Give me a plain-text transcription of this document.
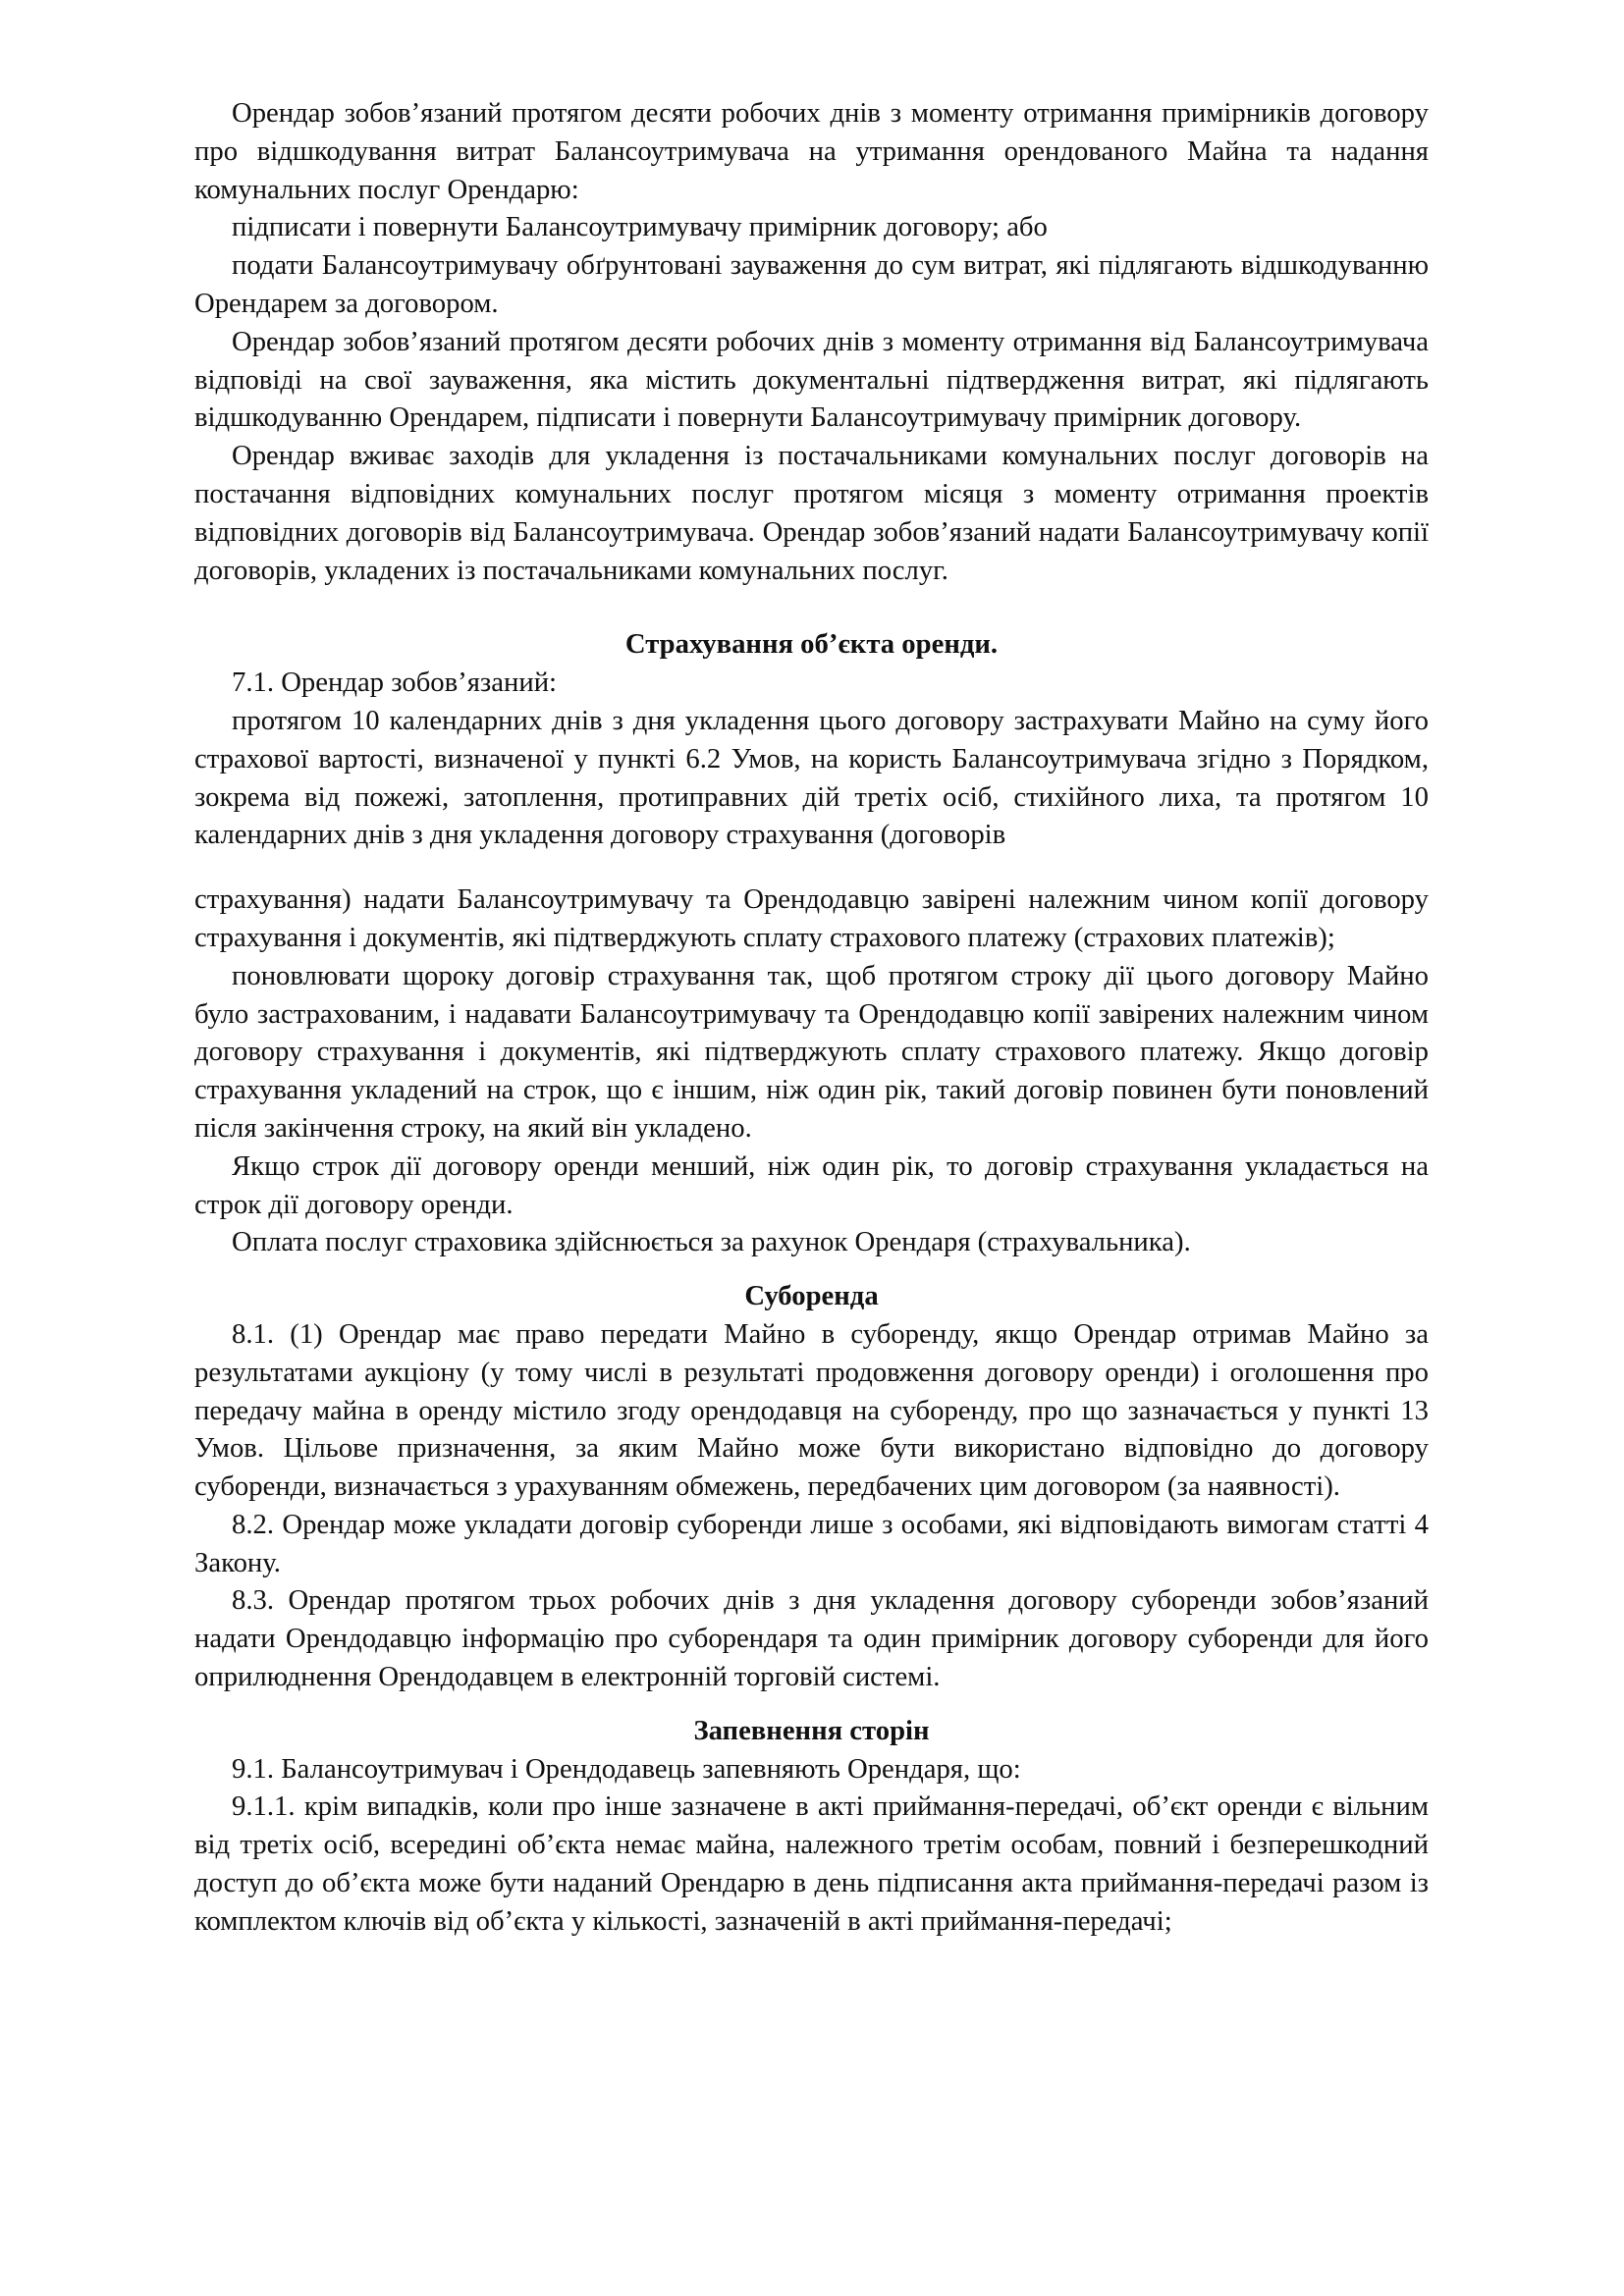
Орендар зобов’язаний протягом десяти робочих днів з моменту отримання примірників договору про відшкодування витрат Балансоутримувача на утримання орендованого Майна та надання комунальних послуг Орендарю:

підписати і повернути Балансоутримувачу примірник договору; або

подати Балансоутримувачу обґрунтовані зауваження до сум витрат, які підлягають відшкодуванню Орендарем за договором.

Орендар зобов’язаний протягом десяти робочих днів з моменту отримання від Балансоутримувача відповіді на свої зауваження, яка містить документальні підтвердження витрат, які підлягають відшкодуванню Орендарем, підписати і повернути Балансоутримувачу примірник договору.

Орендар вживає заходів для укладення із постачальниками комунальних послуг договорів на постачання відповідних комунальних послуг протягом місяця з моменту отримання проектів відповідних договорів від Балансоутримувача. Орендар зобов’язаний надати Балансоутримувачу копії договорів, укладених із постачальниками комунальних послуг.

Страхування об’єкта оренди.

7.1. Орендар зобов’язаний:

протягом 10 календарних днів з дня укладення цього договору застрахувати Майно на суму його страхової вартості, визначеної у пункті 6.2 Умов, на користь Балансоутримувача згідно з Порядком, зокрема від пожежі, затоплення, протиправних дій третіх осіб, стихійного лиха, та протягом 10 календарних днів з дня укладення договору страхування (договорів

страхування) надати Балансоутримувачу та Орендодавцю завірені належним чином копії договору страхування і документів, які підтверджують сплату страхового платежу (страхових платежів);

поновлювати щороку договір страхування так, щоб протягом строку дії цього договору Майно було застрахованим, і надавати Балансоутримувачу та Орендодавцю копії завірених належним чином договору страхування і документів, які підтверджують сплату страхового платежу. Якщо договір страхування укладений на строк, що є іншим, ніж один рік, такий договір повинен бути поновлений після закінчення строку, на який він укладено.

Якщо строк дії договору оренди менший, ніж один рік, то договір страхування укладається на строк дії договору оренди.

Оплата послуг страховика здійснюється за рахунок Орендаря (страхувальника).

Суборенда

8.1. (1) Орендар має право передати Майно в суборенду, якщо Орендар отримав Майно за результатами аукціону (у тому числі в результаті продовження договору оренди) і оголошення про передачу майна в оренду містило згоду орендодавця на суборенду, про що зазначається у пункті 13 Умов. Цільове призначення, за яким Майно може бути використано відповідно до договору суборенди, визначається з урахуванням обмежень, передбачених цим договором (за наявності).

8.2. Орендар може укладати договір суборенди лише з особами, які відповідають вимогам статті 4 Закону.

8.3. Орендар протягом трьох робочих днів з дня укладення договору суборенди зобов’язаний надати Орендодавцю інформацію про суборендаря та один примірник договору суборенди для його оприлюднення Орендодавцем в електронній торговій системі.

Запевнення сторін

9.1. Балансоутримувач і Орендодавець запевняють Орендаря, що:

9.1.1. крім випадків, коли про інше зазначене в акті приймання-передачі, об’єкт оренди є вільним від третіх осіб, всередині об’єкта немає майна, належного третім особам, повний і безперешкодний доступ до об’єкта може бути наданий Орендарю в день підписання акта приймання-передачі разом із комплектом ключів від об’єкта у кількості, зазначеній в акті приймання-передачі;
